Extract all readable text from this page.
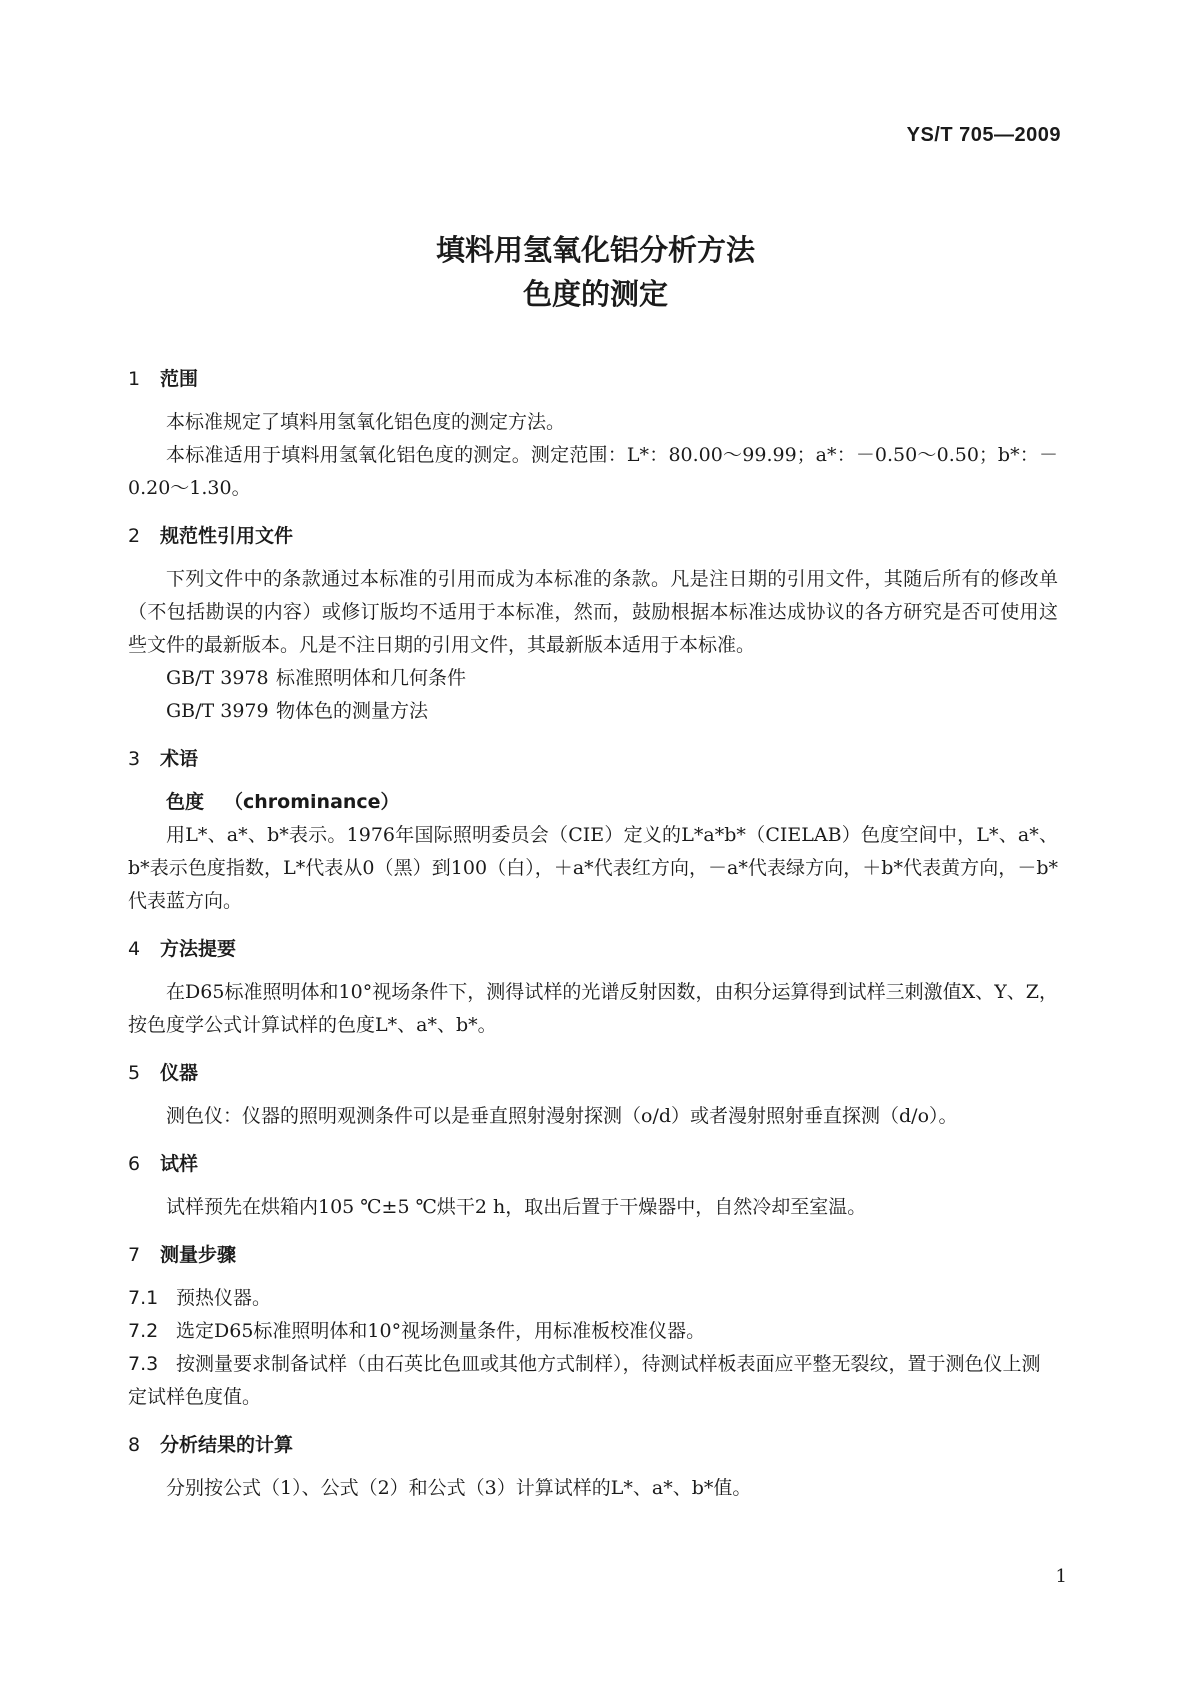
YS/T 705—2009
填料用氢氧化铝分析方法
色度的测定
1 范围
本标准规定了填料用氢氧化铝色度的测定方法。
本标准适用于填料用氢氧化铝色度的测定。测定范围：L*：80.00～99.99；a*：－0.50～0.50；b*：－0.20～1.30。
2 规范性引用文件
下列文件中的条款通过本标准的引用而成为本标准的条款。凡是注日期的引用文件，其随后所有的修改单（不包括勘误的内容）或修订版均不适用于本标准，然而，鼓励根据本标准达成协议的各方研究是否可使用这些文件的最新版本。凡是不注日期的引用文件，其最新版本适用于本标准。
GB/T 3978 标准照明体和几何条件
GB/T 3979 物体色的测量方法
3 术语
色度 （chrominance）
用L*、a*、b*表示。1976年国际照明委员会（CIE）定义的L*a*b*（CIELAB）色度空间中，L*、a*、b*表示色度指数，L*代表从0（黑）到100（白），＋a*代表红方向，－a*代表绿方向，＋b*代表黄方向，－b*代表蓝方向。
4 方法提要
在D65标准照明体和10°视场条件下，测得试样的光谱反射因数，由积分运算得到试样三刺激值X、Y、Z，按色度学公式计算试样的色度L*、a*、b*。
5 仪器
测色仪：仪器的照明观测条件可以是垂直照射漫射探测（o/d）或者漫射照射垂直探测（d/o）。
6 试样
试样预先在烘箱内105 ℃±5 ℃烘干2 h，取出后置于干燥器中，自然冷却至室温。
7 测量步骤
7.1 预热仪器。
7.2 选定D65标准照明体和10°视场测量条件，用标准板校准仪器。
7.3 按测量要求制备试样（由石英比色皿或其他方式制样），待测试样板表面应平整无裂纹，置于测色仪上测定试样色度值。
8 分析结果的计算
分别按公式（1）、公式（2）和公式（3）计算试样的L*、a*、b*值。
1
